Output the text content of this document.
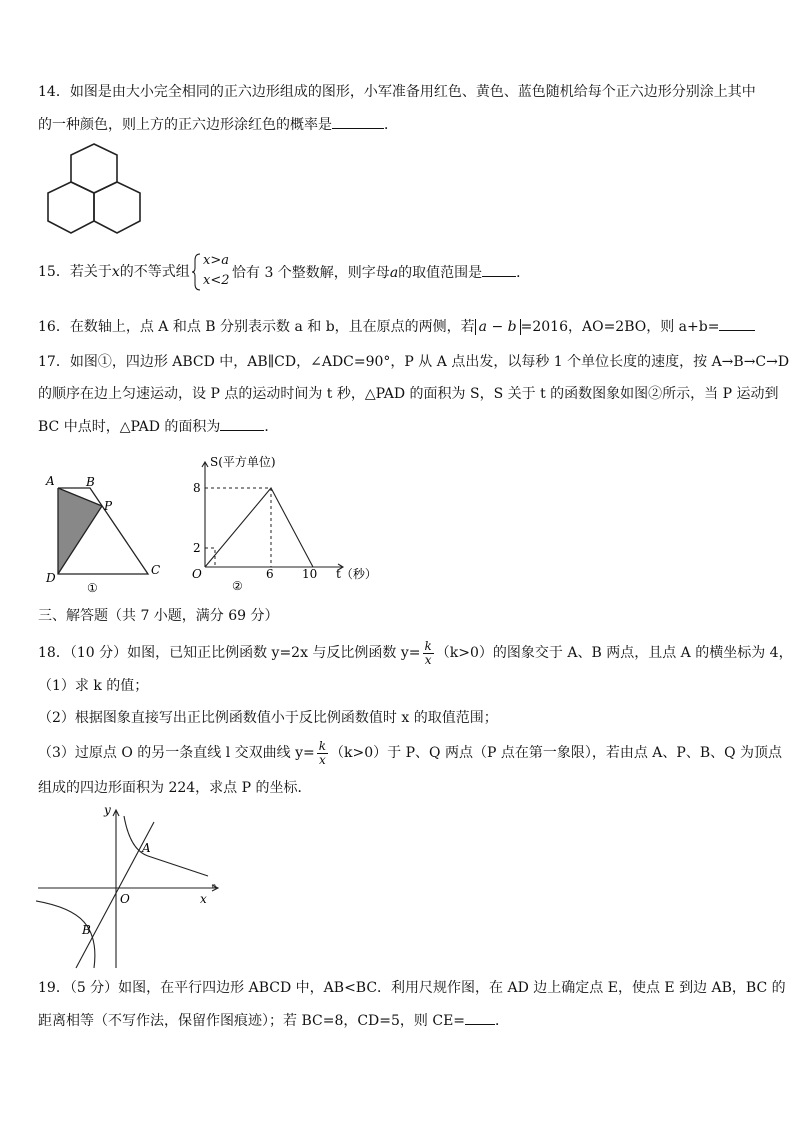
14．如图是由大小完全相同的正六边形组成的图形，小军准备用红色、黄色、蓝色随机给每个正六边形分别涂上其中
的一种颜色，则上方的正六边形涂红色的概率是	．
15．若关于x的不等式组
x>a
x<2 恰有 3 个整数解，则字母a的取值范围是 ．
16．在数轴上，点 A 和点 B 分别表示数 a 和 b，且在原点的两侧，若 a − b =2016，AO=2BO，则 a+b=
17．如图①，四边形 ABCD 中，AB∥CD，∠ADC=90°，P 从 A 点出发，以每秒 1 个单位长度的速度，按 A→B→C→D
的顺序在边上匀速运动，设 P 点的运动时间为 t 秒，△PAD 的面积为 S，S 关于 t 的函数图象如图②所示，当 P 运动到
BC 中点时，△PAD 的面积为	．
A	B
P
C
D
①
S(平方单位)
8
2
O	6 10 t（秒）
②
三、解答题（共 7 小题，满分 69 分）
18．（10 分）如图，已知正比例函数 y=2x 与反比例函数 $y= \frac{k}{x} (k>0)$的图象交于 A、B 两点，且点 A 的横坐标为 4，
（1）求 k 的值；
（2）根据图象直接写出正比例函数值小于反比例函数值时 x 的取值范围；
（3）过原点 O 的另一条直线 l 交双曲线 $y= \frac{k}{x} (k>0)$于 P、Q 两点（P 点在第一象限），若由点 A、P、B、Q 为顶点
组成的四边形面积为 224，求点 P 的坐标．
y
x
a
O
A
B
19．（5 分）如图，在平行四边形 ABCD 中，AB<BC．利用尺规作图，在 AD 边上确定点 E，使点 E 到边 AB，BC 的
距离相等（不写作法，保留作图痕迹）；若 BC=8，CD=5，则 CE= ．
